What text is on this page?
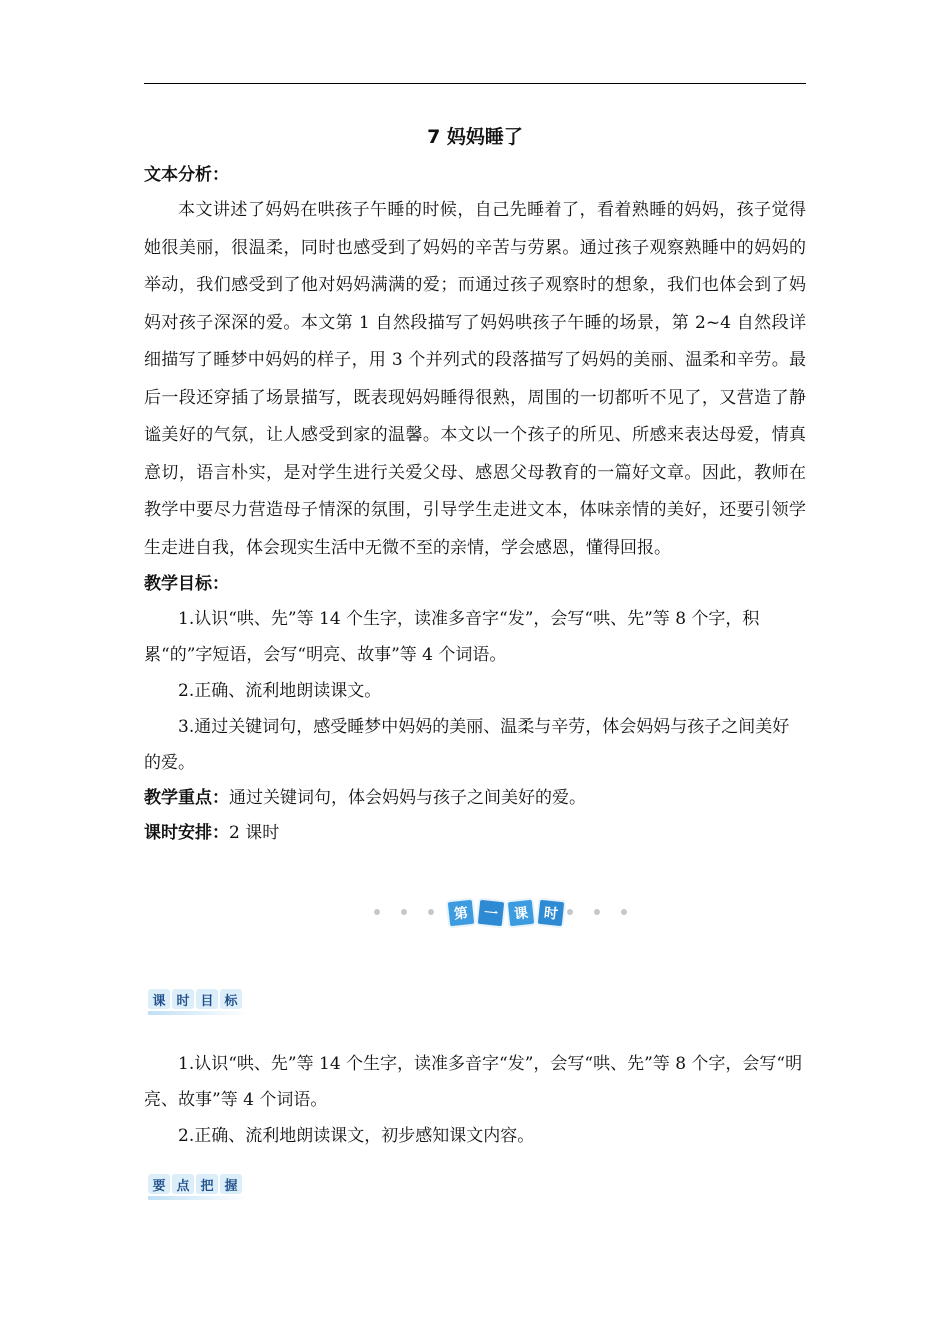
7 妈妈睡了
文本分析：

本文讲述了妈妈在哄孩子午睡的时候，自己先睡着了，看着熟睡的妈妈，孩子觉得她很美丽，很温柔，同时也感受到了妈妈的辛苦与劳累。通过孩子观察熟睡中的妈妈的举动，我们感受到了他对妈妈满满的爱；而通过孩子观察时的想象，我们也体会到了妈妈对孩子深深的爱。本文第 1 自然段描写了妈妈哄孩子午睡的场景，第 2~4 自然段详细描写了睡梦中妈妈的样子，用 3 个并列式的段落描写了妈妈的美丽、温柔和辛劳。最后一段还穿插了场景描写，既表现妈妈睡得很熟，周围的一切都听不见了，又营造了静谧美好的气氛，让人感受到家的温馨。本文以一个孩子的所见、所感来表达母爱，情真意切，语言朴实，是对学生进行关爱父母、感恩父母教育的一篇好文章。因此，教师在教学中要尽力营造母子情深的氛围，引导学生走进文本，体味亲情的美好，还要引领学生走进自我，体会现实生活中无微不至的亲情，学会感恩，懂得回报。

教学目标：

1.认识“哄、先”等 14 个生字，读准多音字“发”，会写“哄、先”等 8 个字，积累“的”字短语，会写“明亮、故事”等 4 个词语。

2.正确、流利地朗读课文。

3.通过关键词句，感受睡梦中妈妈的美丽、温柔与辛劳，体会妈妈与孩子之间美好的爱。

教学重点：通过关键词句，体会妈妈与孩子之间美好的爱。

课时安排：2 课时

第	一	课	时
课 时 目 标

1.认识“哄、先”等 14 个生字，读准多音字“发”，会写“哄、先”等 8 个字，会写“明亮、故事”等 4 个词语。

2.正确、流利地朗读课文，初步感知课文内容。

要 点 把 握
